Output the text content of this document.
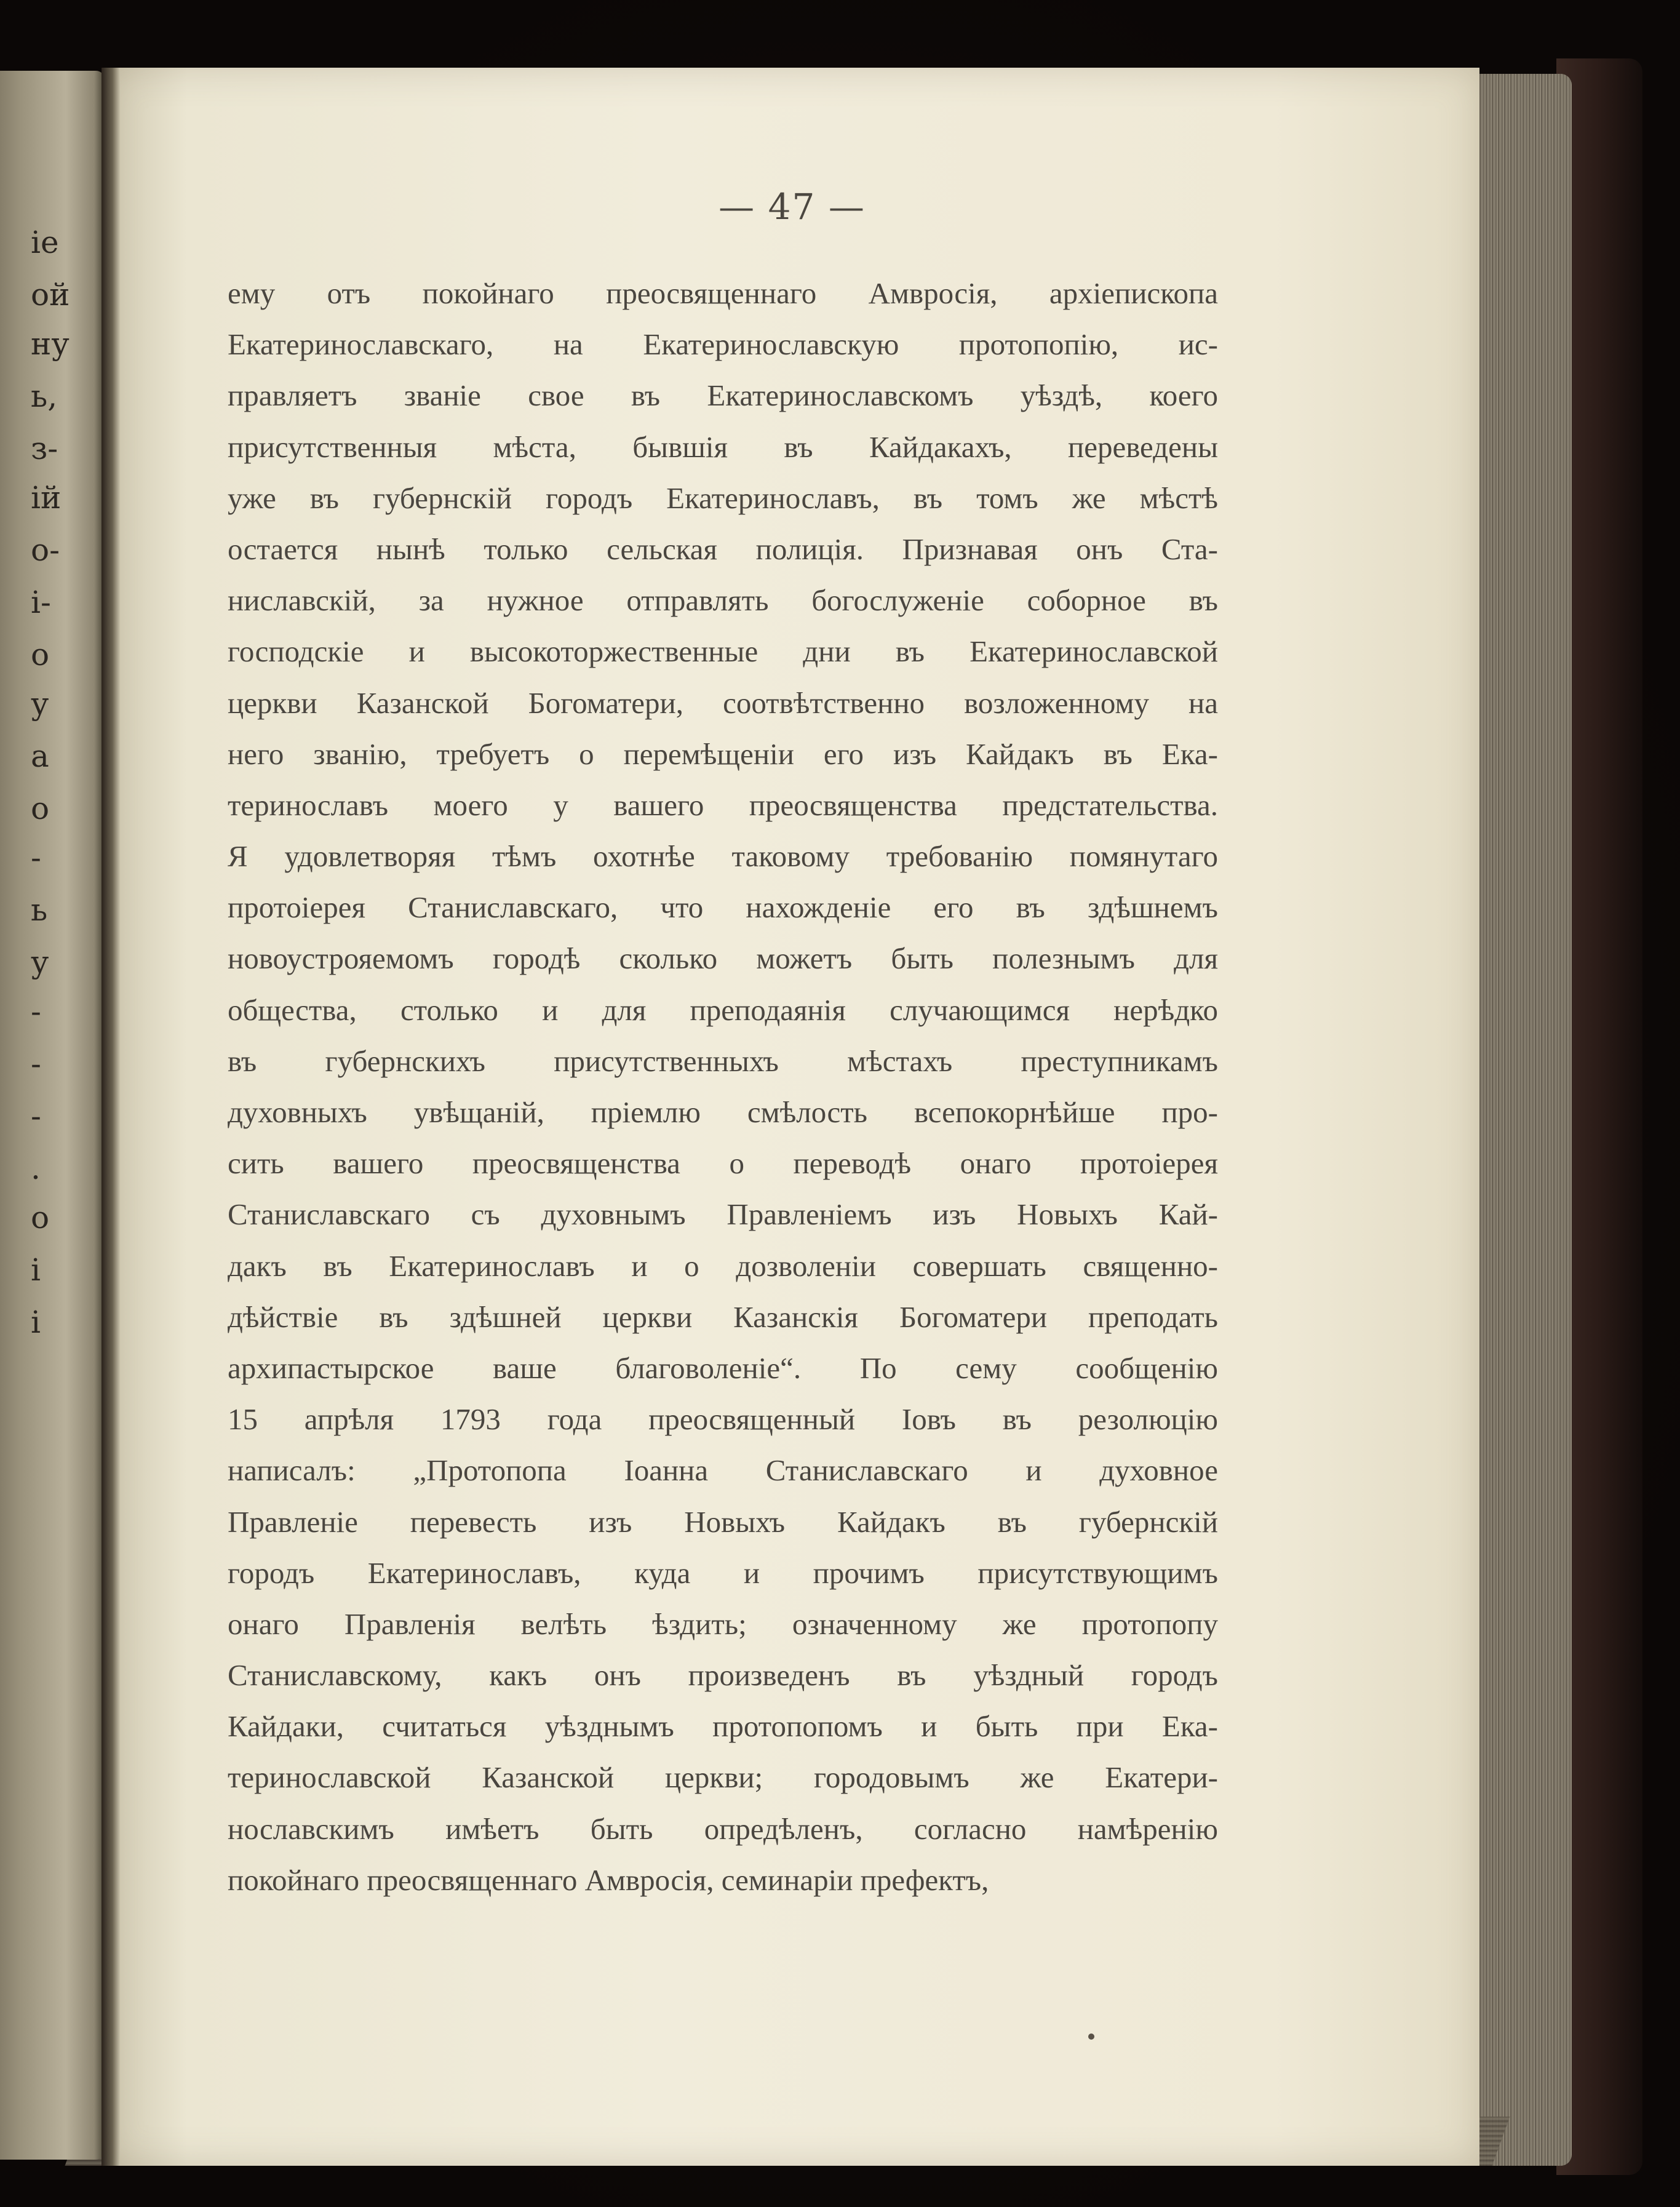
іе
ой
ну
ь,
з-
ій
о-
і-
о
у
а
о
-
ь
у
-
-
-
.
о
і
і
— 47 —
ему отъ покойнаго преосвященнаго Амвросія, архіепископа
Екатеринославскаго, на Екатеринославскую протопопію, ис-
правляетъ званіе свое въ Екатеринославскомъ уѣздѣ, коего
присутственныя мѣста, бывшія въ Кайдакахъ, переведены
уже въ губернскій городъ Екатеринославъ, въ томъ же мѣстѣ
остается нынѣ только сельская полиція. Признавая онъ Ста-
ниславскій, за нужное отправлять богослуженіе соборное въ
господскіе и высокоторжественные дни въ Екатеринославской
церкви Казанской Богоматери, соотвѣтственно возложенному на
него званію, требуетъ о перемѣщеніи его изъ Кайдакъ въ Ека-
теринославъ моего у вашего преосвященства предстательства.
Я удовлетворяя тѣмъ охотнѣе таковому требованію помянутаго
протоіерея Станиславскаго, что нахожденіе его въ здѣшнемъ
новоустрояемомъ городѣ сколько можетъ быть полезнымъ для
общества, столько и для преподаянія случающимся нерѣдко
въ губернскихъ присутственныхъ мѣстахъ преступникамъ
духовныхъ увѣщаній, пріемлю смѣлость всепокорнѣйше про-
сить вашего преосвященства о переводѣ онаго протоіерея
Станиславскаго съ духовнымъ Правленіемъ изъ Новыхъ Кай-
дакъ въ Екатеринославъ и о дозволеніи совершать священно-
дѣйствіе въ здѣшней церкви Казанскія Богоматери преподать
архипастырское ваше благоволеніе“. По сему сообщенію
15 апрѣля 1793 года преосвященный Іовъ въ резолюцію
написалъ: „Протопопа Іоанна Станиславскаго и духовное
Правленіе перевесть изъ Новыхъ Кайдакъ въ губернскій
городъ Екатеринославъ, куда и прочимъ присутствующимъ
онаго Правленія велѣть ѣздить; означенному же протопопу
Станиславскому, какъ онъ произведенъ въ уѣздный городъ
Кайдаки, считаться уѣзднымъ протопопомъ и быть при Ека-
теринославской Казанской церкви; городовымъ же Екатери-
нославскимъ имѣетъ быть опредѣленъ, согласно намѣренію
покойнаго преосвященнаго Амвросія, семинаріи префектъ,
